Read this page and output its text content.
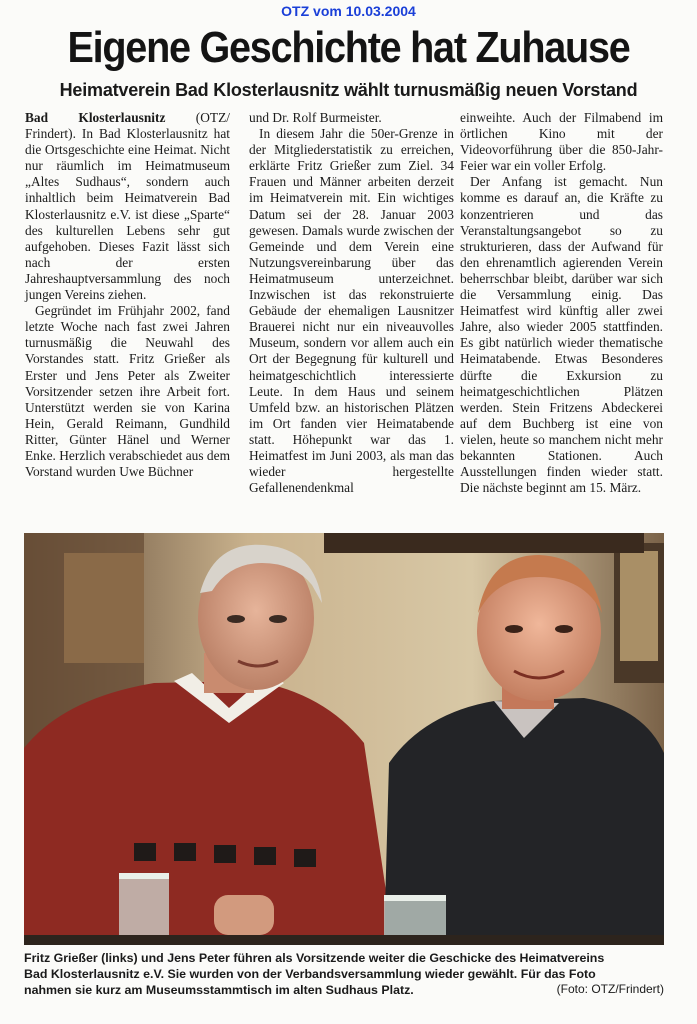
OTZ vom 10.03.2004
Eigene Geschichte hat Zuhause
Heimatverein Bad Klosterlausnitz wählt turnusmäßig neuen Vorstand

Bad Klosterlausnitz (OTZ/ Frindert). In Bad Klosterlausnitz hat die Ortsgeschichte eine Heimat. Nicht nur räumlich im Heimatmuseum „Altes Sudhaus“, sondern auch inhaltlich beim Heimatverein Bad Klosterlausnitz e.V. ist diese „Sparte“ des kulturellen Lebens sehr gut aufgehoben. Dieses Fazit lässt sich nach der ersten Jahreshauptversammlung des noch jungen Vereins ziehen.

Gegründet im Frühjahr 2002, fand letzte Woche nach fast zwei Jahren turnusmäßig die Neuwahl des Vorstandes statt. Fritz Grießer als Erster und Jens Peter als Zweiter Vorsitzender setzen ihre Arbeit fort. Unterstützt werden sie von Karina Hein, Gerald Reimann, Gundhild Ritter, Günter Hänel und Werner Enke. Herzlich verabschiedet aus dem Vorstand wurden Uwe Büchner

und Dr. Rolf Burmeister.

In diesem Jahr die 50er-Grenze in der Mitgliederstatistik zu erreichen, erklärte Fritz Grießer zum Ziel. 34 Frauen und Männer arbeiten derzeit im Heimatverein mit. Ein wichtiges Datum sei der 28. Januar 2003 gewesen. Damals wurde zwischen der Gemeinde und dem Verein eine Nutzungsvereinbarung über das Heimatmuseum unterzeichnet. Inzwischen ist das rekonstruierte Gebäude der ehemaligen Lausnitzer Brauerei nicht nur ein niveauvolles Museum, sondern vor allem auch ein Ort der Begegnung für kulturell und heimatgeschichtlich interessierte Leute. In dem Haus und seinem Umfeld bzw. an historischen Plätzen im Ort fanden vier Heimatabende statt. Höhepunkt war das 1. Heimatfest im Juni 2003, als man das wieder hergestellte Gefallenendenkmal

einweihte. Auch der Filmabend im örtlichen Kino mit der Videovorführung über die 850-Jahr-Feier war ein voller Erfolg.

Der Anfang ist gemacht. Nun komme es darauf an, die Kräfte zu konzentrieren und das Veranstaltungsangebot so zu strukturieren, dass der Aufwand für den ehrenamtlich agierenden Verein beherrschbar bleibt, darüber war sich die Versammlung einig. Das Heimatfest wird künftig aller zwei Jahre, also wieder 2005 stattfinden. Es gibt natürlich wieder thematische Heimatabende. Etwas Besonderes dürfte die Exkursion zu heimatgeschichtlichen Plätzen werden. Stein Fritzens Abdeckerei auf dem Buchberg ist eine von vielen, heute so manchem nicht mehr bekannten Stationen. Auch Ausstellungen finden wieder statt. Die nächste beginnt am 15. März.

Fritz Grießer (links) und Jens Peter führen als Vorsitzende weiter die Geschicke des Heimatvereins
Bad Klosterlausnitz e.V. Sie wurden von der Verbandsversammlung wieder gewählt. Für das Foto
nahmen sie kurz am Museumsstammtisch im alten Sudhaus Platz.	(Foto: OTZ/Frindert)
